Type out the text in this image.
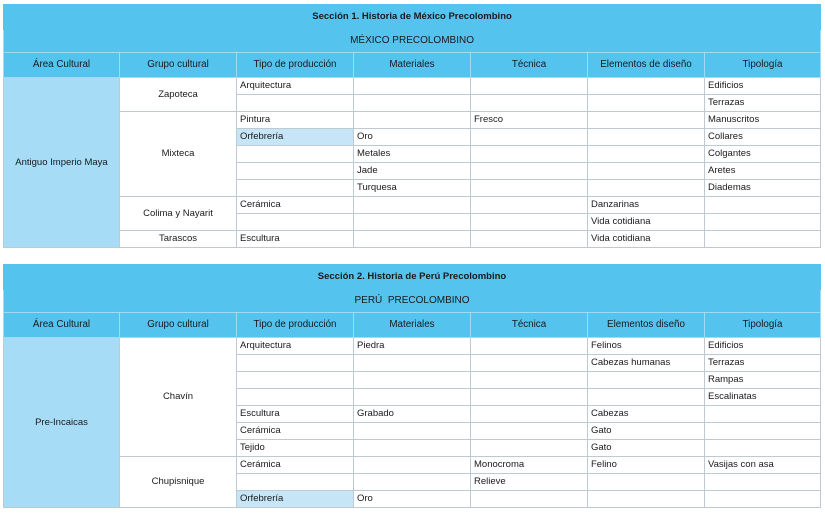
Sección 1. Historia de México Precolombino						
MÉXICO PRECOLOMBINO						
Área Cultural	Grupo cultural	Tipo de producción	Materiales	Técnica	Elementos de diseño	Tipología
Antiguo Imperio Maya	Zapoteca	Arquitectura				Edificios
						Terrazas
	Mixteca	Pintura		Fresco		Manuscritos
		Orfebrería	Oro			Collares
			Metales			Colgantes
			Jade			Aretes
			Turquesa			Diademas
	Colima y Nayarit	Cerámica			Danzarinas	
					Vida cotidiana	
	Tarascos	Escultura			Vida cotidiana	
Sección 2. Historia de Perú Precolombino						
PERÚ  PRECOLOMBINO						
Área Cultural	Grupo cultural	Tipo de producción	Materiales	Técnica	Elementos diseño	Tipología
Pre-Incaicas	Chavín	Arquitectura	Piedra		Felinos	Edificios
					Cabezas humanas	Terrazas
						Rampas
						Escalinatas
		Escultura	Grabado		Cabezas	
		Cerámica			Gato	
		Tejido			Gato	
	Chupisnique	Cerámica		Monocroma	Felino	Vasijas con asa
				Relieve		
		Orfebrería	Oro			
